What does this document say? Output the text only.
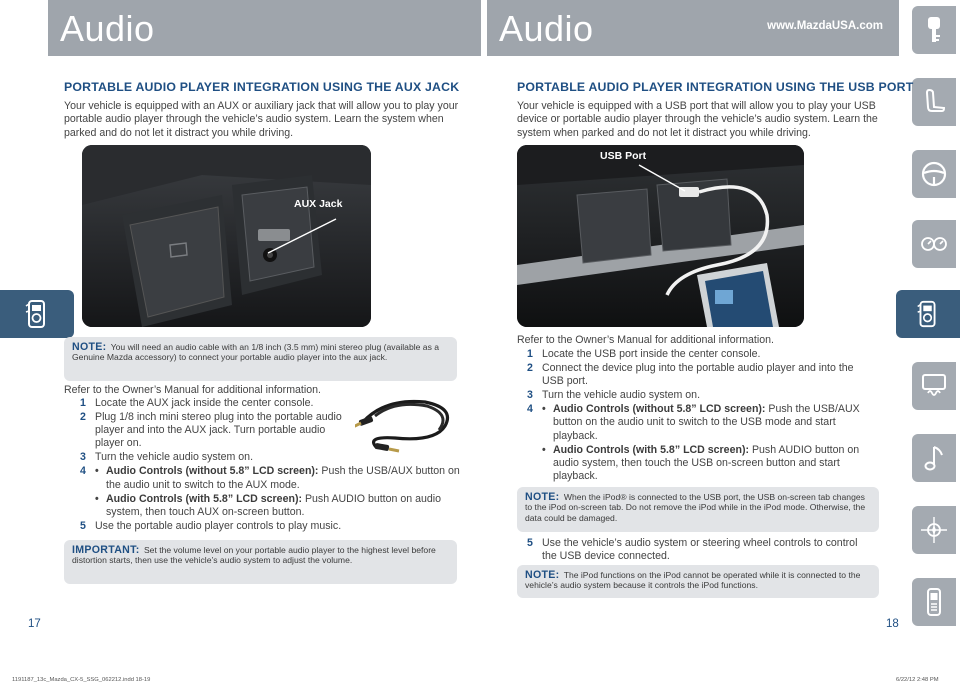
Audio	Audio	www.MazdaUSA.com
PORTABLE AUDIO PLAYER INTEGRATION USING THE AUX JACK
Your vehicle is equipped with an AUX or auxiliary jack that will allow you to play your portable audio player through the vehicle’s audio system. Learn the system when parked and do not let it distract you while driving.
AUX Jack
NOTE: You will need an audio cable with an 1/8 inch (3.5 mm) mini stereo plug (available as a Genuine Mazda accessory) to connect your portable audio player into the aux jack.
Refer to the Owner’s Manual for additional information.
1 Locate the AUX jack inside the center console.
2 Plug 1/8 inch mini stereo plug into the portable audio player and into the AUX jack. Turn portable audio player on.
3 Turn the vehicle audio system on.
4 • Audio Controls (without 5.8” LCD screen): Push the USB/AUX button on the audio unit to switch to the AUX mode.
• Audio Controls (with 5.8” LCD screen): Push AUDIO button on audio system, then touch AUX on-screen button.
5 Use the portable audio player controls to play music.
IMPORTANT: Set the volume level on your portable audio player to the highest level before distortion starts, then use the vehicle’s audio system to adjust the volume.
17
PORTABLE AUDIO PLAYER INTEGRATION USING THE USB PORT
Your vehicle is equipped with a USB port that will allow you to play your USB device or portable audio player through the vehicle’s audio system. Learn the system when parked and do not let it distract you while driving.
USB Port
Refer to the Owner’s Manual for additional information.
1 Locate the USB port inside the center console.
2 Connect the device plug into the portable audio player and into the USB port.
3 Turn the vehicle audio system on.
4 • Audio Controls (without 5.8” LCD screen): Push the USB/AUX button on the audio unit to switch to the USB mode and start playback.
• Audio Controls (with 5.8” LCD screen): Push AUDIO button on audio system, then touch the USB on-screen button and start playback.
NOTE: When the iPod® is connected to the USB port, the USB on-screen tab changes to the iPod on-screen tab. Do not remove the iPod while in the iPod mode. Otherwise, the data could be damaged.
5 Use the vehicle’s audio system or steering wheel controls to control the USB device connected.
NOTE: The iPod functions on the iPod cannot be operated while it is connected to the vehicle’s audio system because it controls the iPod functions.
18
1191187_13c_Mazda_CX-5_SSG_062212.indd 18-19	6/22/12 2:48 PM
